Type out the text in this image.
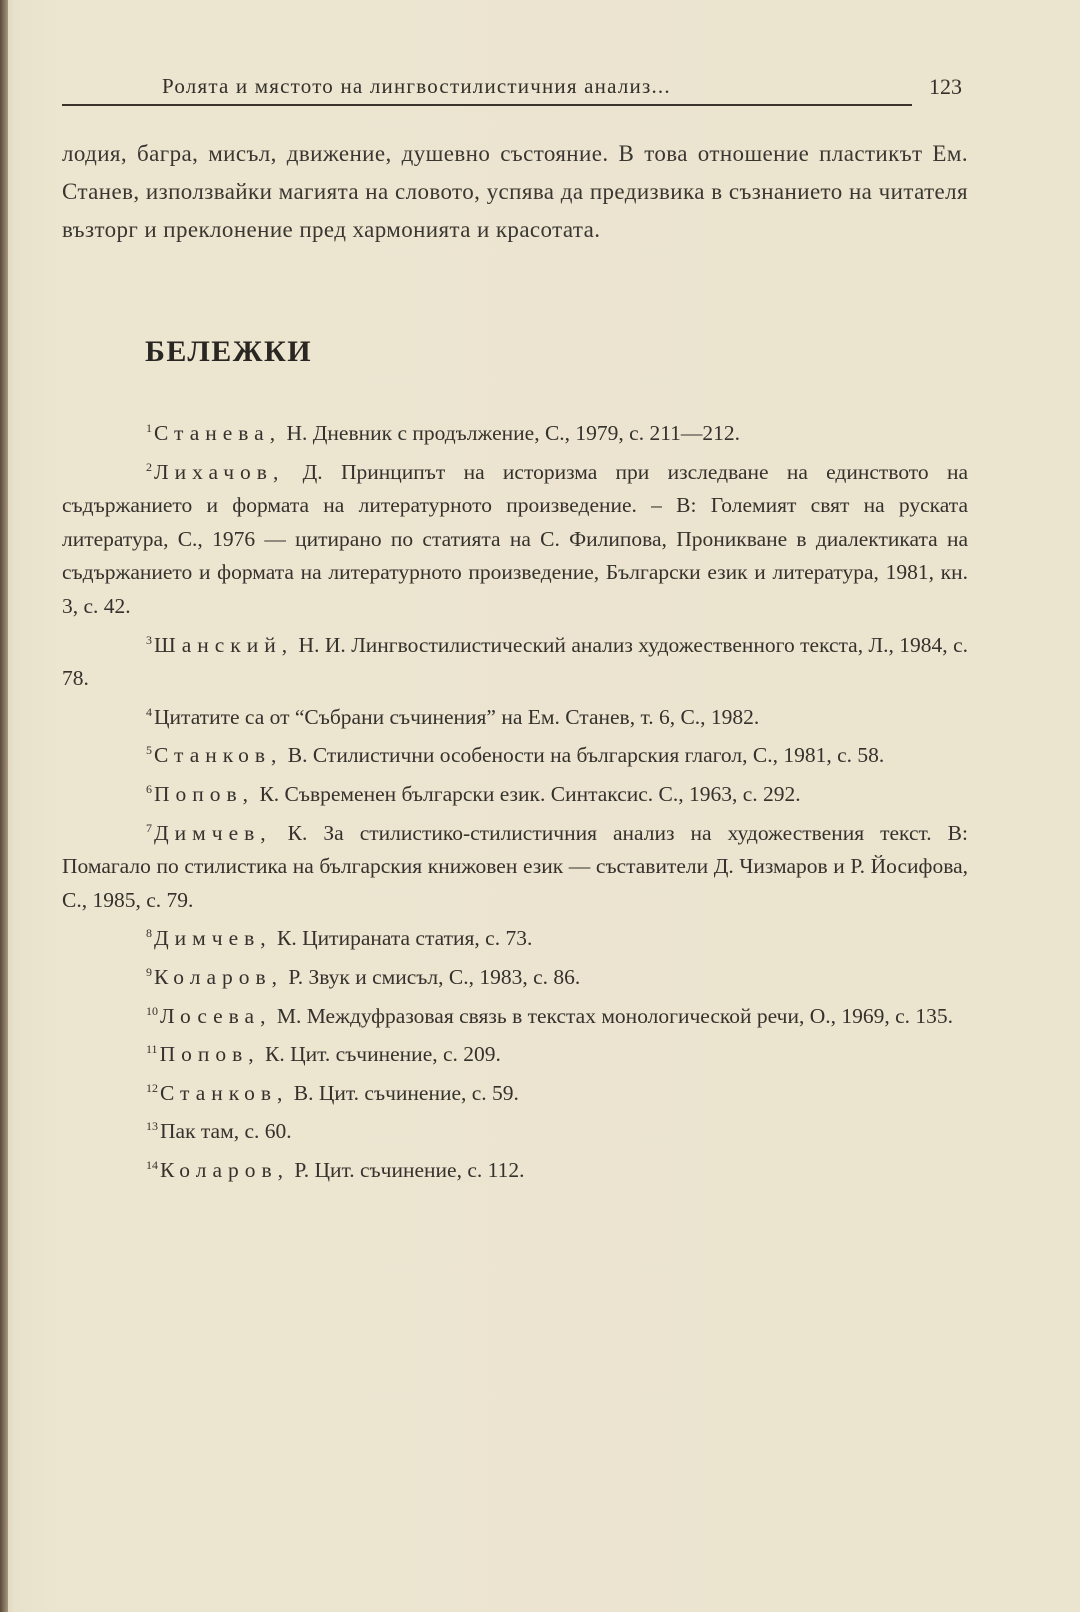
Ролята и мястото на лингвостилистичния анализ...	123

лодия, багра, мисъл, движение, душевно състояние. В това отношение пластикът Ем. Станев, използвайки магията на словото, успява да предизвика в съзнанието на читателя възторг и преклонение пред хармонията и красотата.

БЕЛЕЖКИ

$^1$Станева, Н. Дневник с продължение, С., 1979, с. 211—212.

$^2$Лихачов, Д. Принципът на историзма при изследване на единството на съдържанието и формата на литературното произведение. – В: Големият свят на руската литература, С., 1976 — цитирано по статията на С. Филипова, Проникване в диалектиката на съдържанието и формата на литературното произведение, Български език и литература, 1981, кн. 3, с. 42.

$^3$Шанский, Н. И. Лингвостилистический анализ художественного текста, Л., 1984, с. 78.

$^4$Цитатите са от “Събрани съчинения” на Ем. Станев, т. 6, С., 1982.

$^5$Станков, В. Стилистични особености на българския глагол, С., 1981, с. 58.

$^6$Попов, К. Съвременен български език. Синтаксис. С., 1963, с. 292.

$^7$Димчев, К. За стилистико-стилистичния анализ на художествения текст. В: Помагало по стилистика на българския книжовен език — съставители Д. Чизмаров и Р. Йосифова, С., 1985, с. 79.

$^8$Димчев, К. Цитираната статия, с. 73.

$^9$Коларов, Р. Звук и смисъл, С., 1983, с. 86.

$^{10}$Лосева, М. Междуфразовая связь в текстах монологической речи, О., 1969, с. 135.

$^{11}$Попов, К. Цит. съчинение, с. 209.

$^{12}$Станков, В. Цит. съчинение, с. 59.

$^{13}$Пак там, с. 60.

$^{14}$Коларов, Р. Цит. съчинение, с. 112.
